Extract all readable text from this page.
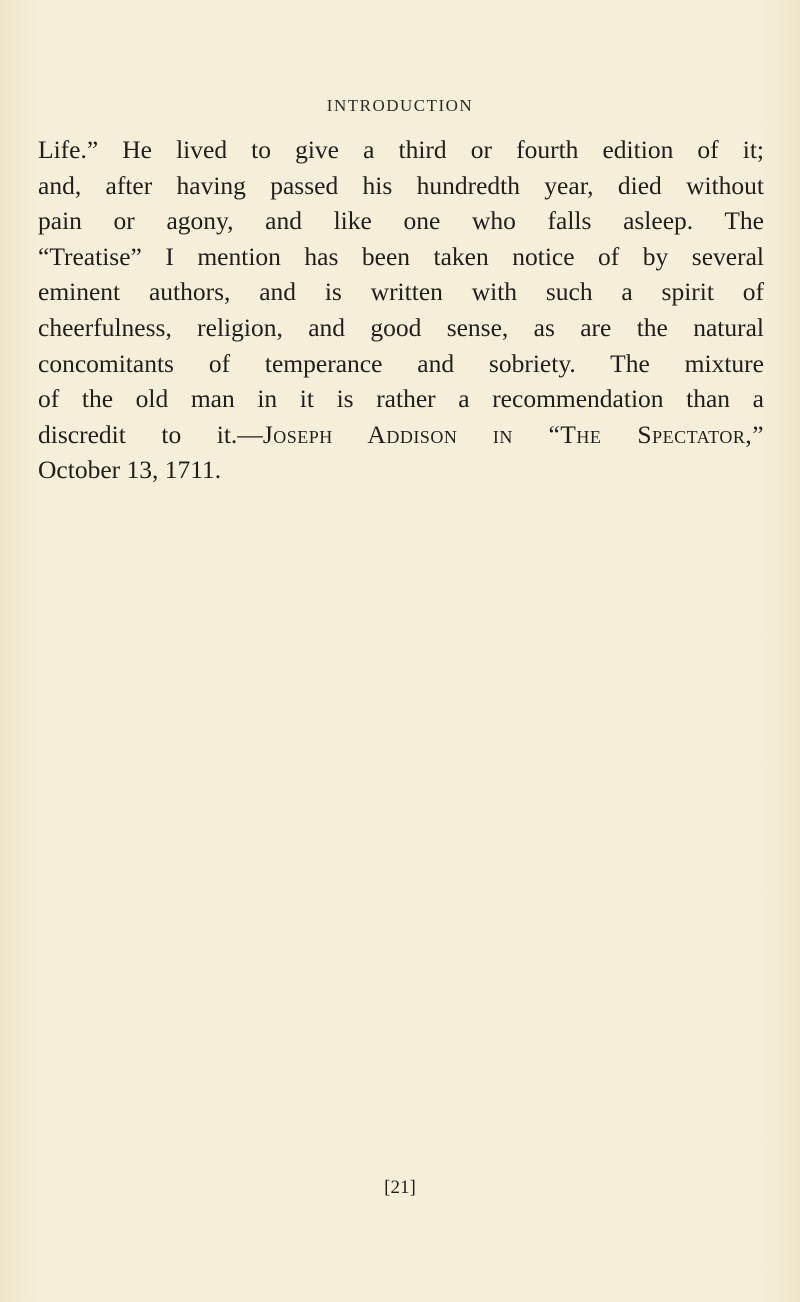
INTRODUCTION
Life.” He lived to give a third or fourth edition of it;
and, after having passed his hundredth year, died without
pain or agony, and like one who falls asleep. The
“Treatise” I mention has been taken notice of by several
eminent authors, and is written with such a spirit of
cheerfulness, religion, and good sense, as are the natural
concomitants of temperance and sobriety. The mixture
of the old man in it is rather a recommendation than a
discredit to it.—Joseph Addison in “The Spectator,”
October 13, 1711.
[21]
